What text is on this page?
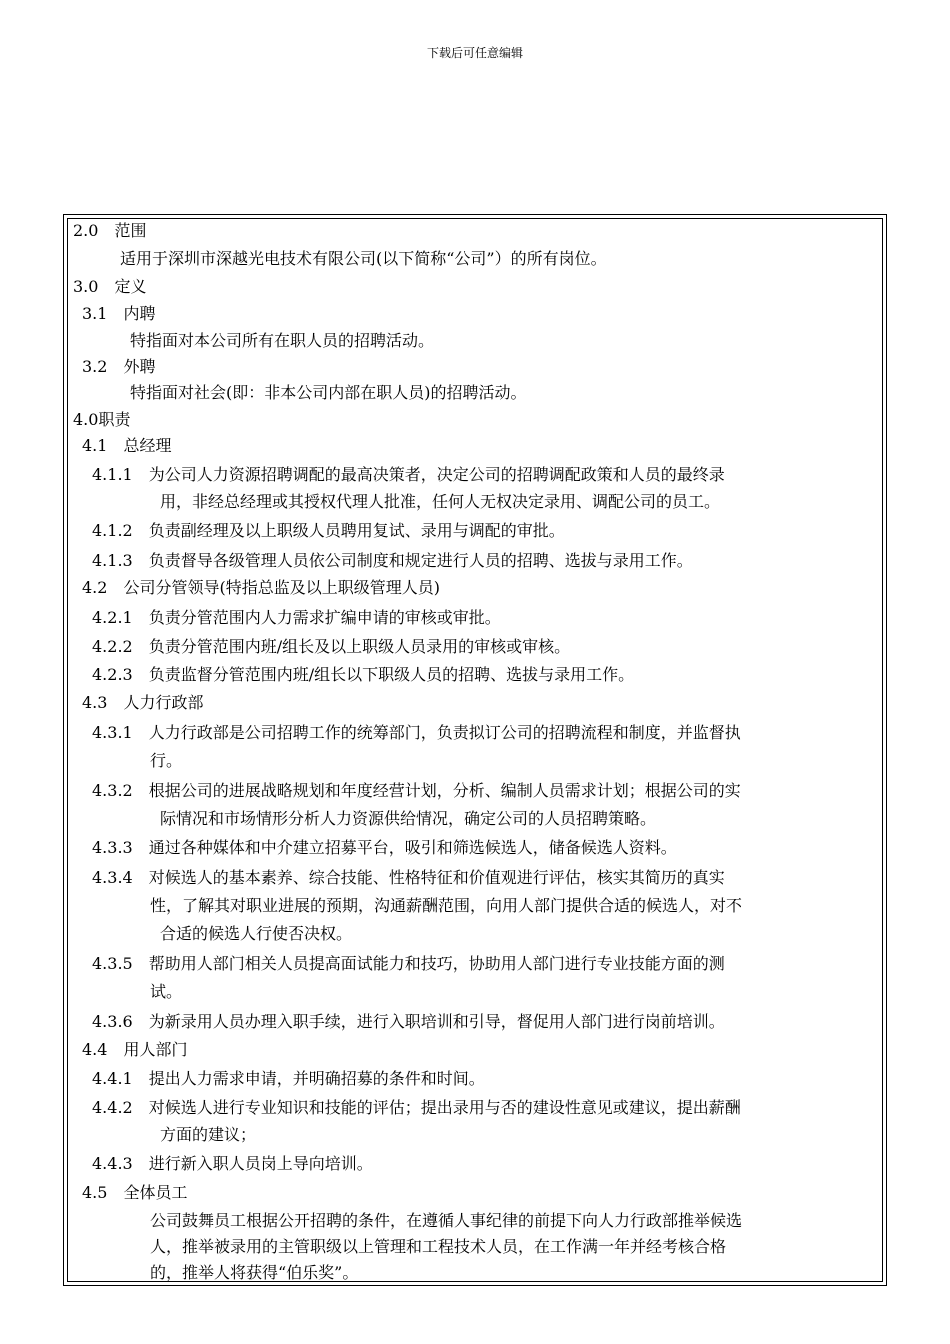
下载后可任意编辑
2.0　范围
适用于深圳市深越光电技术有限公司(以下简称“公司”）的所有岗位。
3.0　定义
3.1　内聘
特指面对本公司所有在职人员的招聘活动。
3.2　外聘
特指面对社会(即：非本公司内部在职人员)的招聘活动。
4.0职责
4.1　总经理
4.1.1　为公司人力资源招聘调配的最高决策者，决定公司的招聘调配政策和人员的最终录
用，非经总经理或其授权代理人批准，任何人无权决定录用、调配公司的员工。
4.1.2　负责副经理及以上职级人员聘用复试、录用与调配的审批。
4.1.3　负责督导各级管理人员依公司制度和规定进行人员的招聘、选拔与录用工作。
4.2　公司分管领导(特指总监及以上职级管理人员)
4.2.1　负责分管范围内人力需求扩编申请的审核或审批。
4.2.2　负责分管范围内班/组长及以上职级人员录用的审核或审核。
4.2.3　负责监督分管范围内班/组长以下职级人员的招聘、选拔与录用工作。
4.3　人力行政部
4.3.1　人力行政部是公司招聘工作的统筹部门，负责拟订公司的招聘流程和制度，并监督执
行。
4.3.2　根据公司的进展战略规划和年度经营计划，分析、编制人员需求计划；根据公司的实
际情况和市场情形分析人力资源供给情况，确定公司的人员招聘策略。
4.3.3　通过各种媒体和中介建立招募平台，吸引和筛选候选人，储备候选人资料。
4.3.4　对候选人的基本素养、综合技能、性格特征和价值观进行评估，核实其简历的真实
性，了解其对职业进展的预期，沟通薪酬范围，向用人部门提供合适的候选人，对不
合适的候选人行使否决权。
4.3.5　帮助用人部门相关人员提高面试能力和技巧，协助用人部门进行专业技能方面的测
试。
4.3.6　为新录用人员办理入职手续，进行入职培训和引导，督促用人部门进行岗前培训。
4.4　用人部门
4.4.1　提出人力需求申请，并明确招募的条件和时间。
4.4.2　对候选人进行专业知识和技能的评估；提出录用与否的建设性意见或建议，提出薪酬
方面的建议；
4.4.3　进行新入职人员岗上导向培训。
4.5　全体员工
公司鼓舞员工根据公开招聘的条件，在遵循人事纪律的前提下向人力行政部推举候选
人，推举被录用的主管职级以上管理和工程技术人员，在工作满一年并经考核合格
的，推举人将获得“伯乐奖”。
